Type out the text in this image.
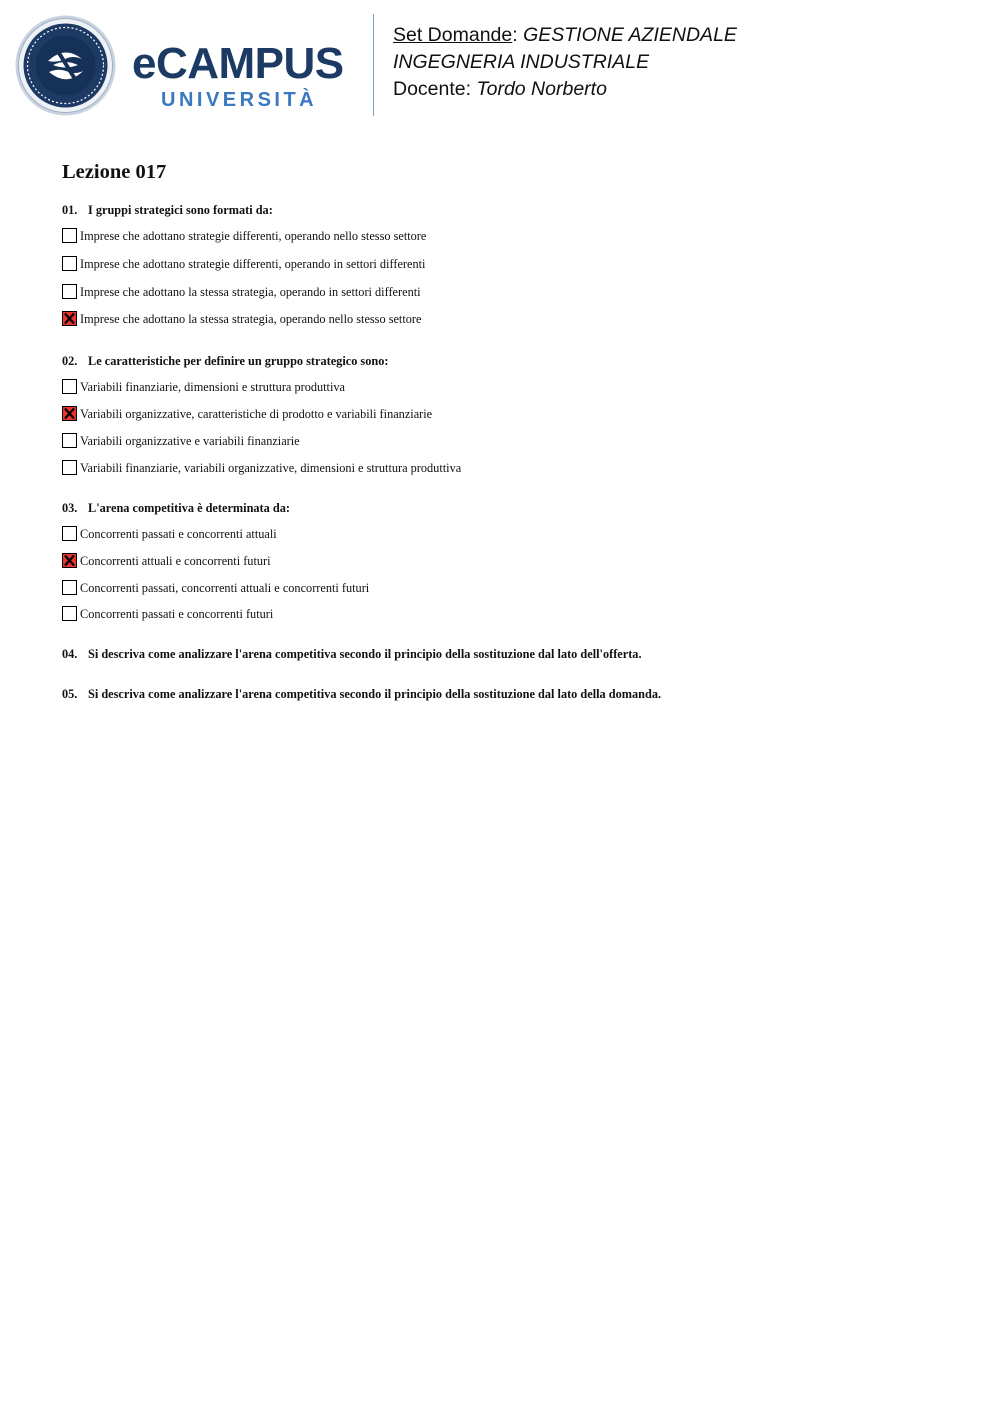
eCAMPUS
UNIVERSITÀ
Set Domande: GESTIONE AZIENDALE
INGEGNERIA INDUSTRIALE
Docente: Tordo Norberto
Lezione 017
01. I gruppi strategici sono formati da:
Imprese che adottano strategie differenti, operando nello stesso settore
Imprese che adottano strategie differenti, operando in settori differenti
Imprese che adottano la stessa strategia, operando in settori differenti
Imprese che adottano la stessa strategia, operando nello stesso settore
02. Le caratteristiche per definire un gruppo strategico sono:
Variabili finanziarie, dimensioni e struttura produttiva
Variabili organizzative, caratteristiche di prodotto e variabili finanziarie
Variabili organizzative e variabili finanziarie
Variabili finanziarie, variabili organizzative, dimensioni e struttura produttiva
03. L'arena competitiva è determinata da:
Concorrenti passati e concorrenti attuali
Concorrenti attuali e concorrenti futuri
Concorrenti passati, concorrenti attuali e concorrenti futuri
Concorrenti passati e concorrenti futuri
04. Si descriva come analizzare l'arena competitiva secondo il principio della sostituzione dal lato dell'offerta.
05. Si descriva come analizzare l'arena competitiva secondo il principio della sostituzione dal lato della domanda.
